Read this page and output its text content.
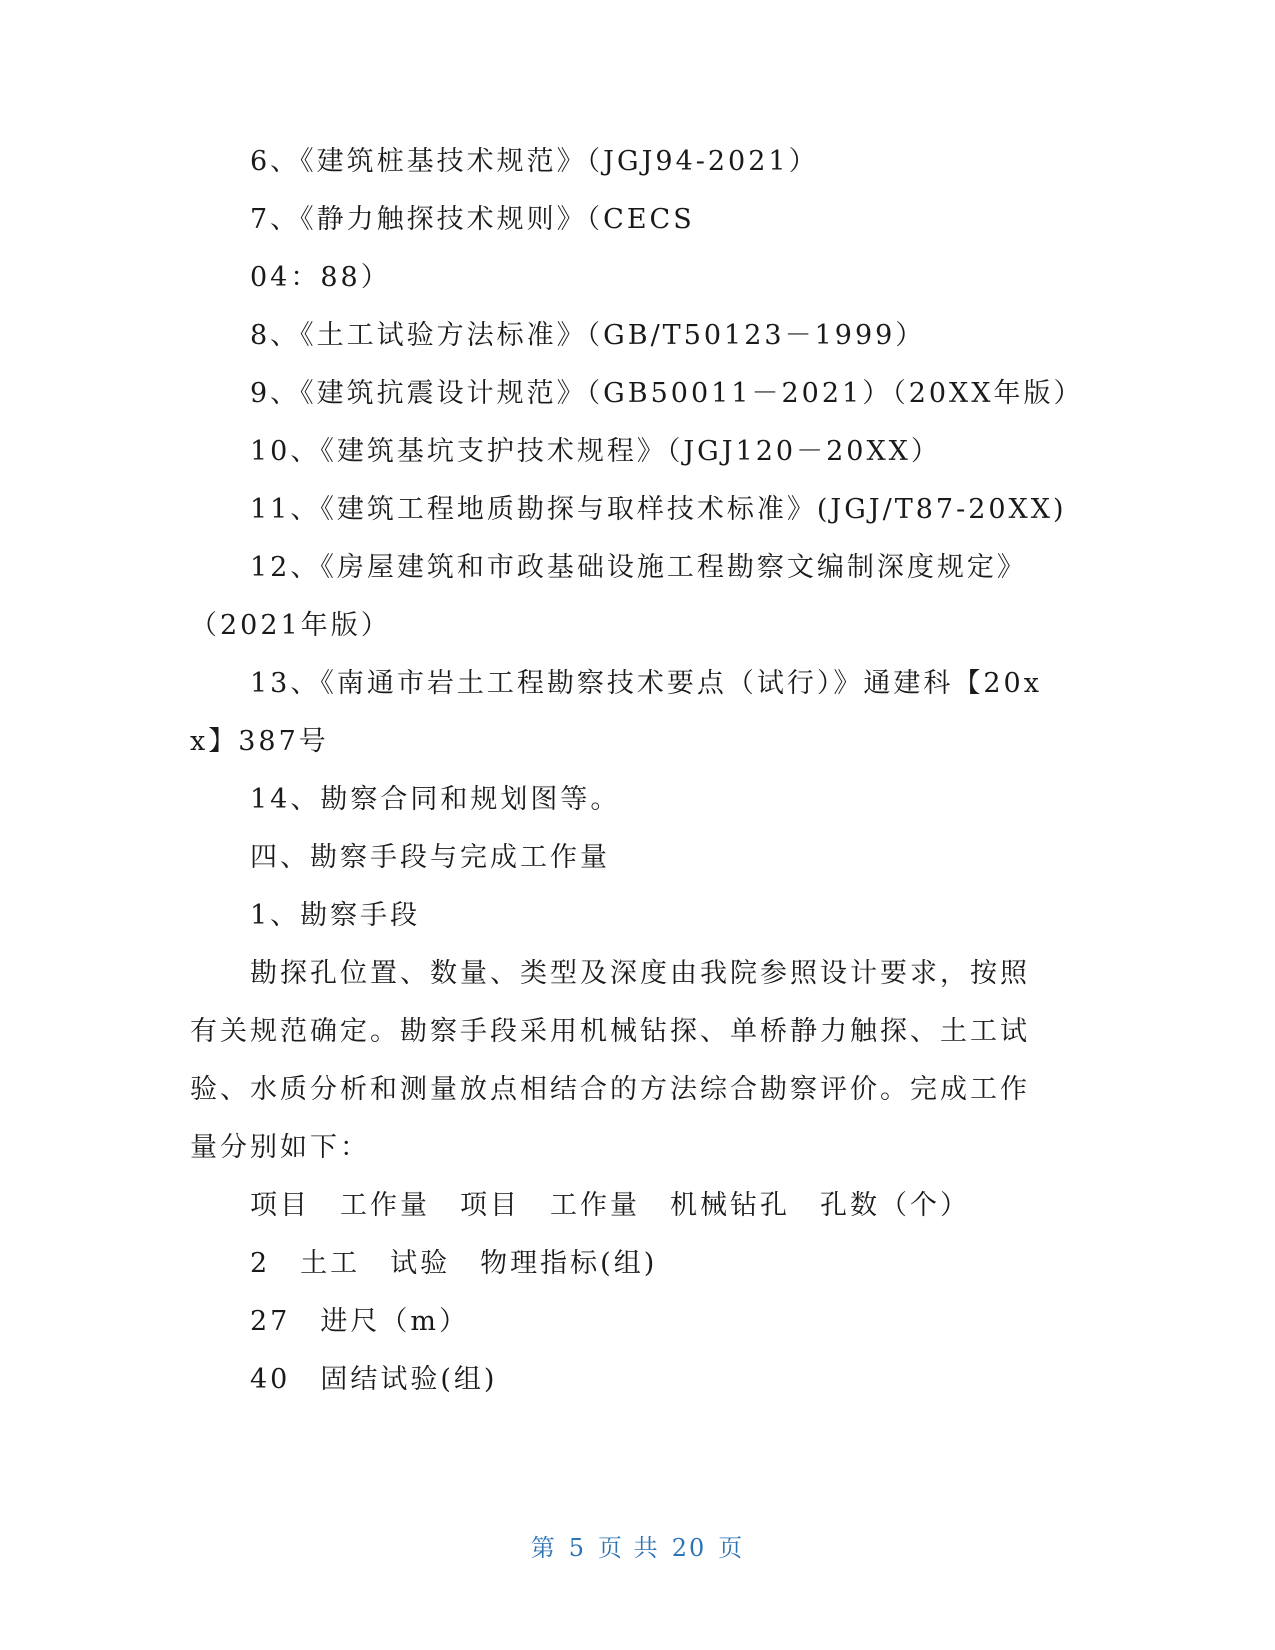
6、《建筑桩基技术规范》（JGJ94-2021）
7、《静力触探技术规则》（CECS
04：88）
8、《土工试验方法标准》（GB/T50123－1999）
9、《建筑抗震设计规范》（GB50011－2021）（20XX年版）
10、《建筑基坑支护技术规程》（JGJ120－20XX）
11、《建筑工程地质勘探与取样技术标准》(JGJ/T87-20XX)
12、《房屋建筑和市政基础设施工程勘察文编制深度规定》
（2021年版）
13、《南通市岩土工程勘察技术要点（试行）》通建科【20x
x】387号
14、勘察合同和规划图等。
四、勘察手段与完成工作量
1、勘察手段
勘探孔位置、数量、类型及深度由我院参照设计要求，按照
有关规范确定。勘察手段采用机械钻探、单桥静力触探、土工试
验、水质分析和测量放点相结合的方法综合勘察评价。完成工作
量分别如下：
项目　工作量　项目　工作量　机械钻孔　孔数（个）
2　土工　试验　物理指标(组)
27　进尺（m）
40　固结试验(组)
第 5 页 共 20 页
